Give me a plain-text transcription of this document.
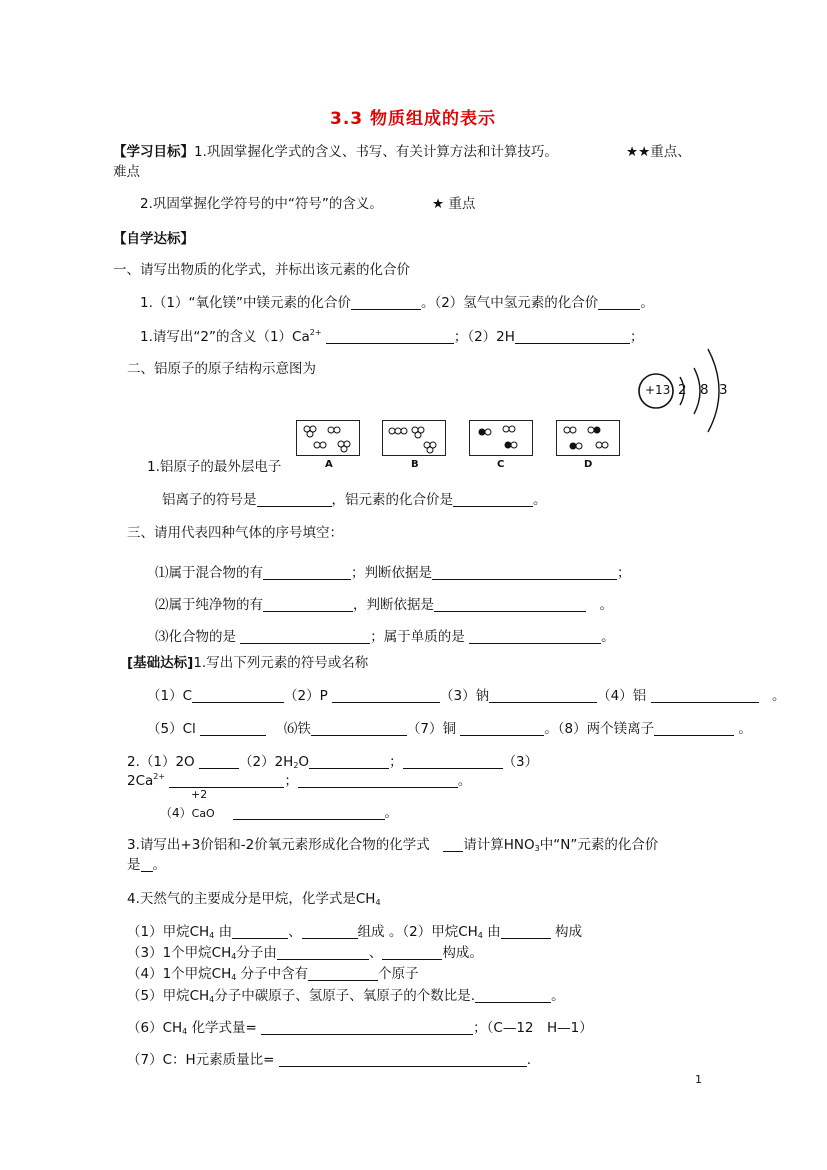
3.3 物质组成的表示
【学习目标】1.巩固掌握化学式的含义、书写、有关计算方法和计算技巧。	★★重点、
难点
2.巩固掌握化学符号的中“符号”的含义。	★ 重点
【自学达标】
一、请写出物质的化学式，并标出该元素的化合价
1.（1）“氧化镁”中镁元素的化合价	。（2）氢气中氢元素的化合价	。
1.请写出“2”的含义$(1)Ca^{2+}$	；（2）2H	；
二、铝原子的原子结构示意图为
+13 2 8 3
A	B	C	D
1.铝原子的最外层电子
铝离子的符号是	，铝元素的化合价是	。
三、请用代表四种气体的序号填空：
⑴属于混合物的有	；判断依据是	；
⑵属于纯净物的有	，判断依据是　	。
⑶化合物的是	；属于单质的是	。
[基础达标]1.写出下列元素的符号或名称
（1）C	（2）P	（3）钠	（4）铝 　	。
（5）Cl 　	⑹铁	（7）铜	。（8）两个镁离子	。
2.（1）2O	$(2)2H_2O$	；	（3）
$2Ca^{2+}$	；	。
+2
（4）CaO　	。
3.请写出+3价铝和-2价氧元素形成化合物的化学式　 请计算$HNO_3$中“N”元素的化合价
是 。
4.天然气的主要成分是甲烷，化学式是$CH_4$
（1）甲烷$CH_4$ 由	、	组成 。（2）甲烷$CH_4$ 由	构成
（3）1个甲烷$CH_4$分子由	、	构成。
（4）1个甲烷$CH_4$ 分子中含有	个原子
（5）甲烷$CH_4$分子中碳原子、氢原子、氧原子的个数比是.	。
$(6)CH_4$ 化学式量=	；（C—12　H—1）
（7）C：H元素质量比=	.
1
